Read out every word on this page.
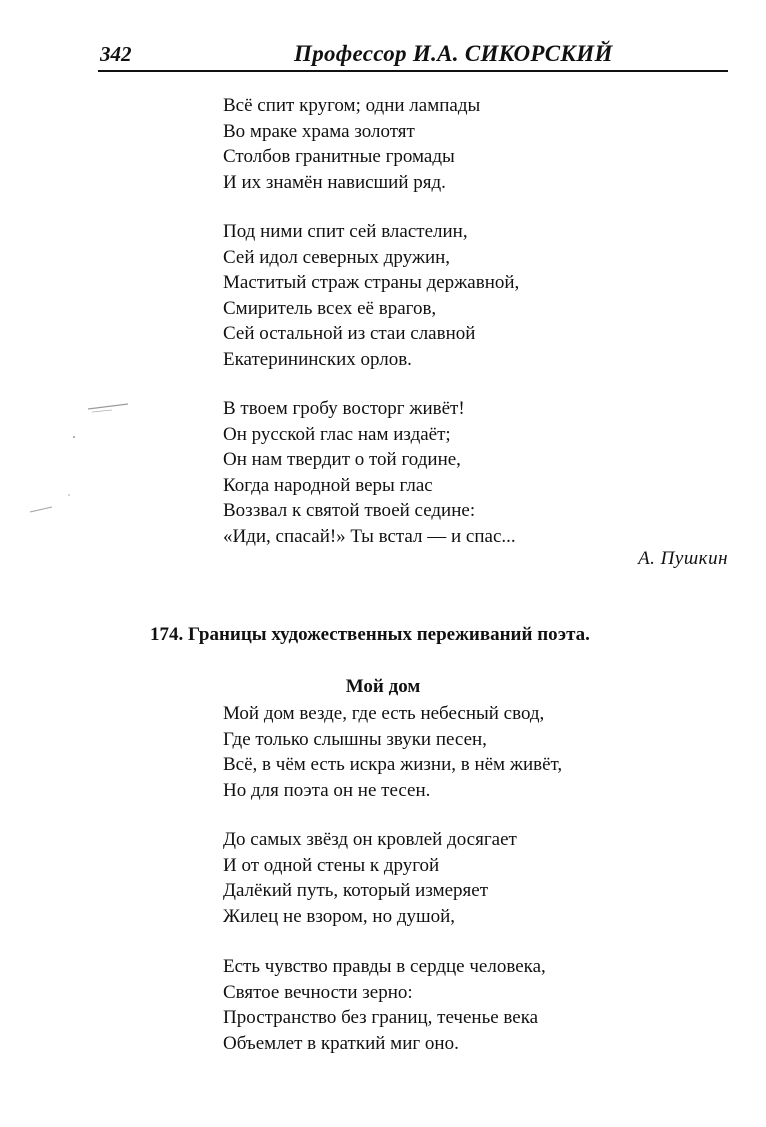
342	Профессор И.А. СИКОРСКИЙ
Всё спит кругом; одни лампады
Во мраке храма золотят
Столбов гранитные громады
И их знамён нависший ряд.
Под ними спит сей властелин,
Сей идол северных дружин,
Маститый страж страны державной,
Смиритель всех её врагов,
Сей остальной из стаи славной
Екатерининских орлов.
В твоем гробу восторг живёт!
Он русской глас нам издаёт;
Он нам твердит о той године,
Когда народной веры глас
Воззвал к святой твоей седине:
«Иди, спасай!» Ты встал — и спас...
А. Пушкин
174. Границы художественных переживаний поэта.
Мой дом
Мой дом везде, где есть небесный свод,
Где только слышны звуки песен,
Всё, в чём есть искра жизни, в нём живёт,
Но для поэта он не тесен.
До самых звёзд он кровлей досягает
И от одной стены к другой
Далёкий путь, который измеряет
Жилец не взором, но душой,
Есть чувство правды в сердце человека,
Святое вечности зерно:
Пространство без границ, теченье века
Объемлет в краткий миг оно.
